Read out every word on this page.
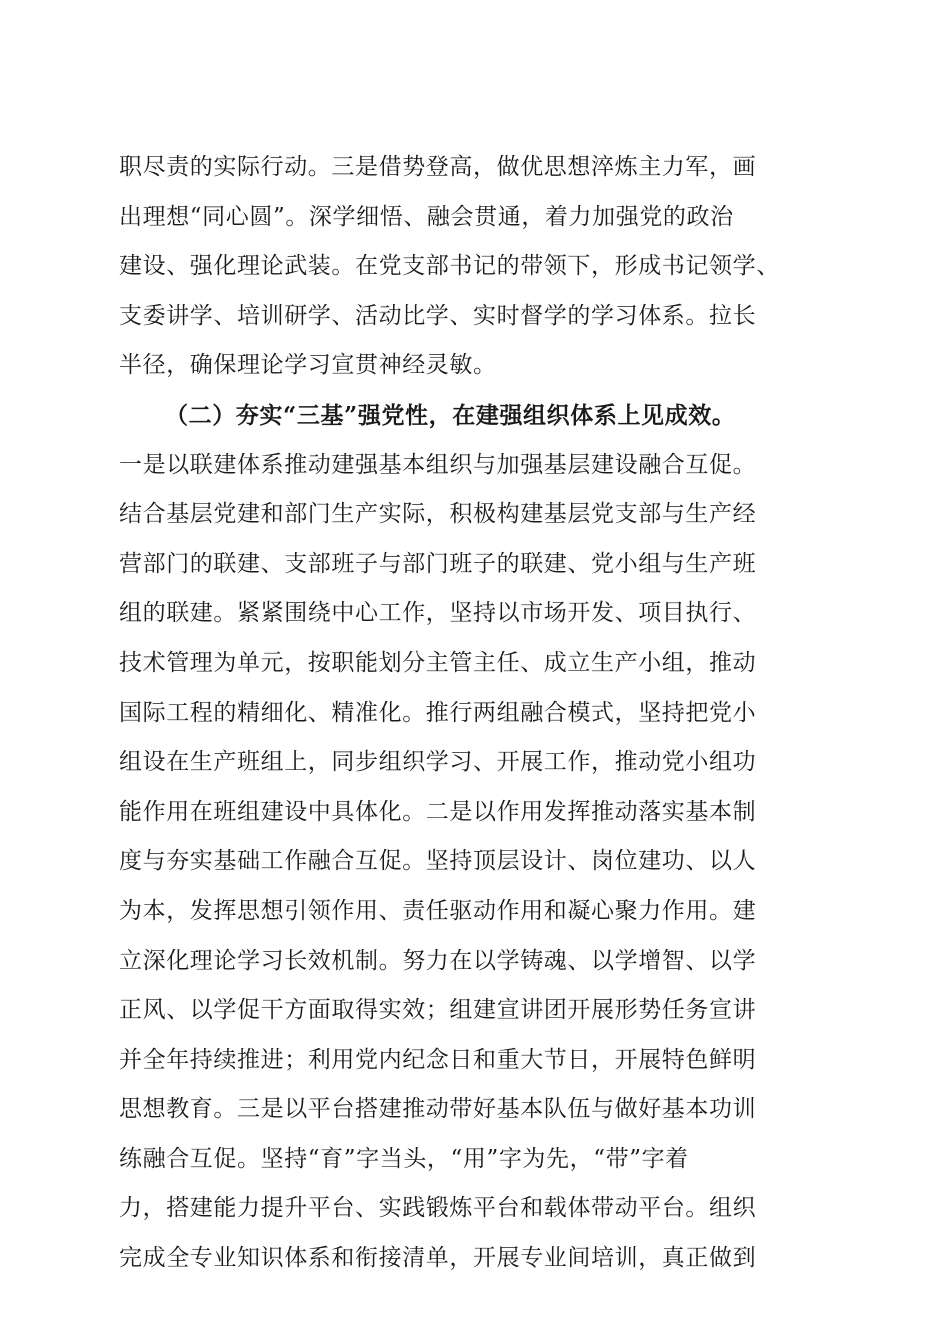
职尽责的实际行动。三是借势登高，做优思想淬炼主力军，画
出理想“同心圆”。深学细悟、融会贯通，着力加强党的政治
建设、强化理论武装。在党支部书记的带领下，形成书记领学、
支委讲学、培训研学、活动比学、实时督学的学习体系。拉长
半径，确保理论学习宣贯神经灵敏。
（二）夯实“三基”强党性，在建强组织体系上见成效。
一是以联建体系推动建强基本组织与加强基层建设融合互促。
结合基层党建和部门生产实际，积极构建基层党支部与生产经
营部门的联建、支部班子与部门班子的联建、党小组与生产班
组的联建。紧紧围绕中心工作，坚持以市场开发、项目执行、
技术管理为单元，按职能划分主管主任、成立生产小组，推动
国际工程的精细化、精准化。推行两组融合模式，坚持把党小
组设在生产班组上，同步组织学习、开展工作，推动党小组功
能作用在班组建设中具体化。二是以作用发挥推动落实基本制
度与夯实基础工作融合互促。坚持顶层设计、岗位建功、以人
为本，发挥思想引领作用、责任驱动作用和凝心聚力作用。建
立深化理论学习长效机制。努力在以学铸魂、以学增智、以学
正风、以学促干方面取得实效；组建宣讲团开展形势任务宣讲
并全年持续推进；利用党内纪念日和重大节日，开展特色鲜明
思想教育。三是以平台搭建推动带好基本队伍与做好基本功训
练融合互促。坚持“育”字当头，“用”字为先，“带”字着
力，搭建能力提升平台、实践锻炼平台和载体带动平台。组织
完成全专业知识体系和衔接清单，开展专业间培训，真正做到
